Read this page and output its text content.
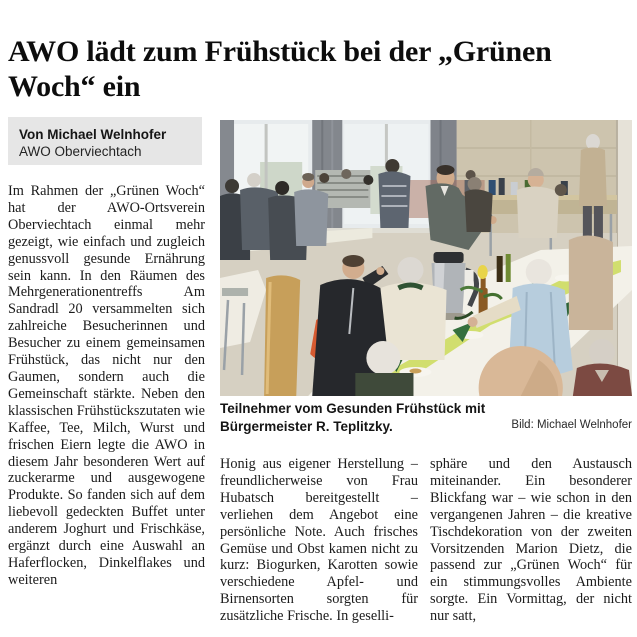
AWO lädt zum Frühstück bei der „Grünen Woch“ ein
Von Michael Welnhofer
AWO Oberviechtach

Teilnehmer vom Gesunden Frühstück mit Bürgermeister R. Teplitzky.	Bild: Michael Welnhofer
Im Rahmen der „Grünen Woch“ hat der AWO-Ortsverein Oberviechtach einmal mehr gezeigt, wie einfach und zugleich genussvoll gesunde Ernährung sein kann. In den Räumen des Mehrgenerationentreffs Am Sandradl 20 versammelten sich zahlreiche Besucherinnen und Besucher zu einem gemeinsamen Frühstück, das nicht nur den Gaumen, sondern auch die Gemeinschaft stärkte. Neben den klassischen Frühstückszutaten wie Kaffee, Tee, Milch, Wurst und frischen Eiern legte die AWO in diesem Jahr besonderen Wert auf zuckerarme und ausgewogene Produkte. So fanden sich auf dem liebevoll gedeckten Buffet unter anderem Joghurt und Frischkäse, ergänzt durch eine Auswahl an Haferflocken, Dinkelflakes und weiteren
Honig aus eigener Herstellung – freundlicherweise von Frau Hubatsch bereitgestellt – verliehen dem Angebot eine persönliche Note. Auch frisches Gemüse und Obst kamen nicht zu kurz: Biogurken, Karotten sowie verschiedene Apfel- und Birnensorten sorgten für zusätzliche Frische. In geselli-
sphäre und den Austausch miteinander. Ein besonderer Blickfang war – wie schon in den vergangenen Jahren – die kreative Tischdekoration von der zweiten Vorsitzenden Marion Dietz, die passend zur „Grünen Woch“ für ein stimmungsvolles Ambiente sorgte. Ein Vormittag, der nicht nur satt,
